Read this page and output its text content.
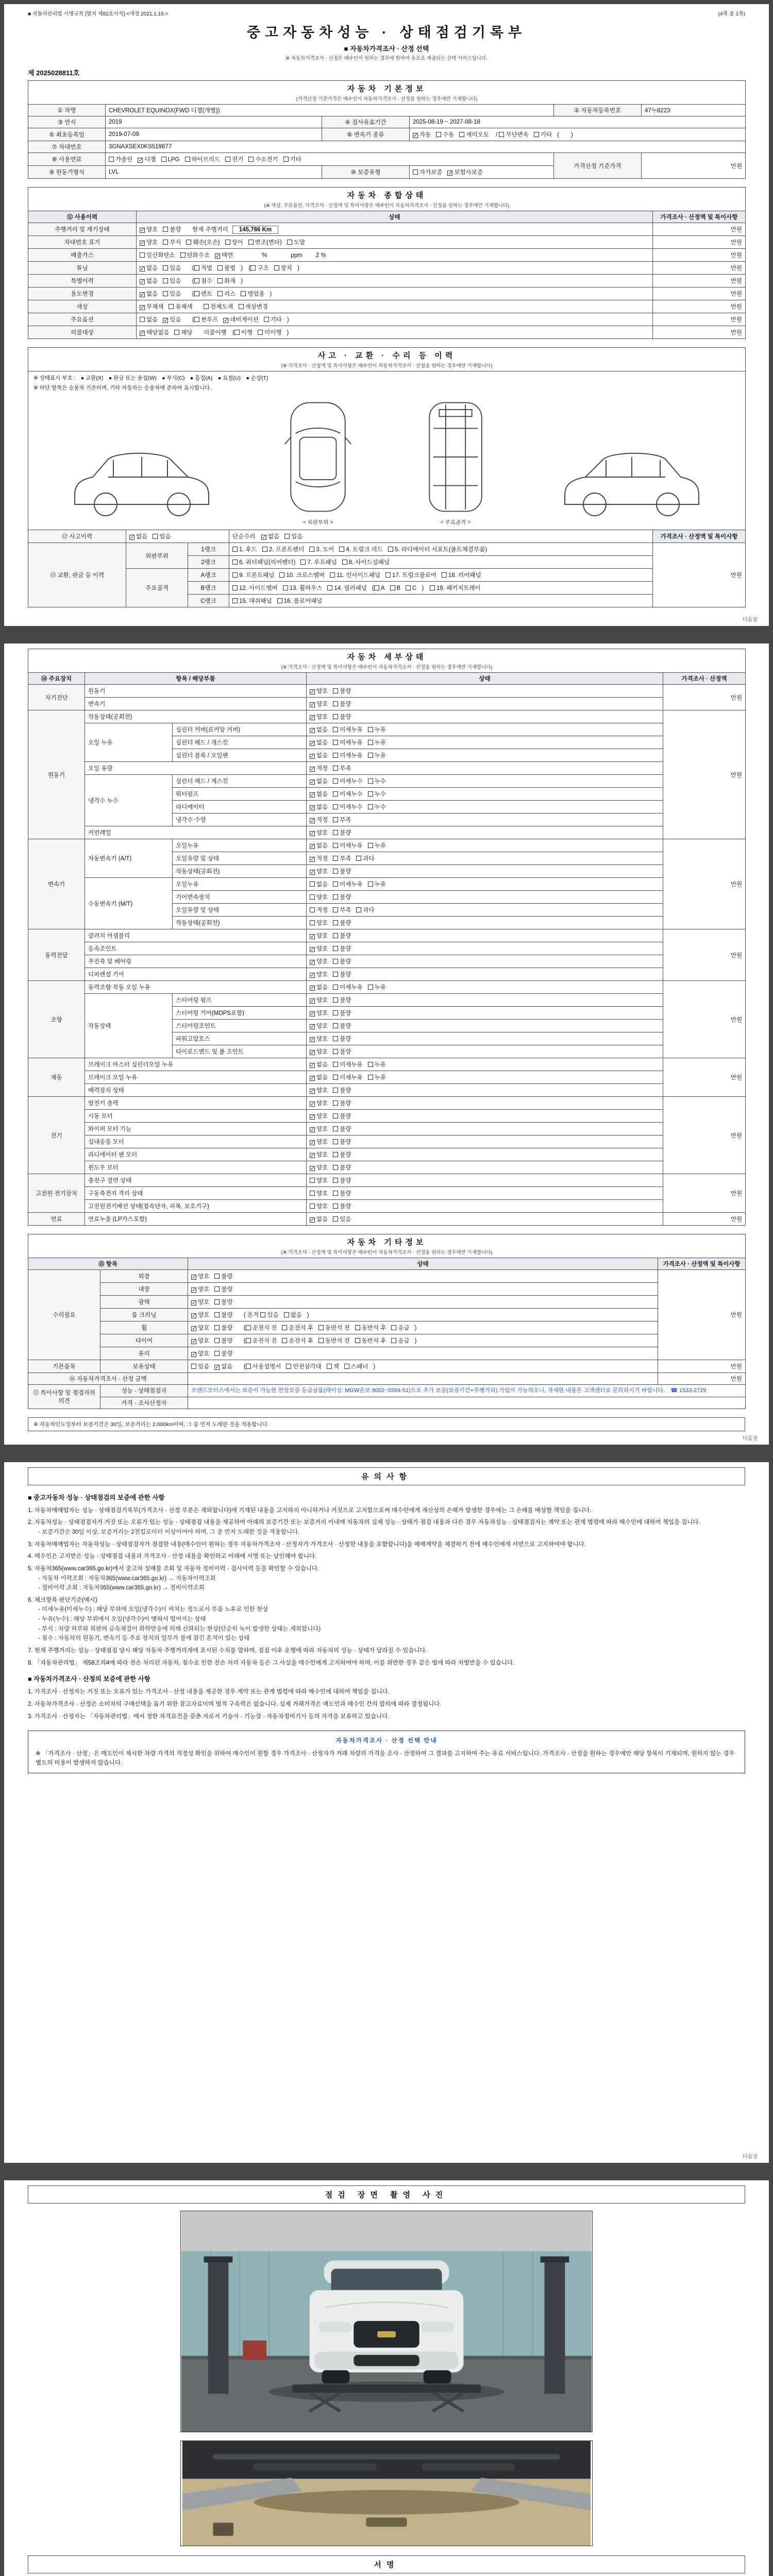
■ 자동차관리법 시행규칙 [별지 제82호서식] <개정 2021.1.19.>	(4쪽 중 1쪽)
중고자동차성능 · 상태점검기록부
■ 자동차가격조사 · 산정 선택
※ 자동차가격조사 · 산정은 매수인이 원하는 경우에 한하여 유료로 제공되는 선택 서비스입니다.
제 2025028811호
자동차 기본정보
(가격산정 기준가격은 매수인이 자동차가격조사 · 산정을 원하는 경우에만 기재합니다)					

① 차명	CHEVROLET EQUINOX(FWD 디젤(개별))			② 자동차등록번호	47누8223
③ 연식	2019	④ 검사유효기간	2025-08-19 ~ 2027-08-18		
⑤ 최초등록일	2019-07-09	⑥ 변속기 종류	✓ 자동 수동 세미오토 / 무단변속 기타 (　　)		
⑦ 차대번호	3GNAXSEX0KS519877				
⑧ 사용연료	가솔린 ✓ 디젤 LPG 하이브리드 전기 수소전기 기타			가격산정 기준가격	만원
⑨ 원동기형식	LVL	⑩ 보증유형	자가보증 ✓ 보험사보증		
자동차 종합상태
(※ 색상, 주요옵션, 가격조사 · 산정액 및 특이사항은 매수인이 자동차가격조사 · 산정을 원하는 경우에만 기재합니다)		

⑪ 사용이력	상태	가격조사 · 산정액 및 특이사항
주행거리 및 계기상태	✓ 양호 불량　현재 주행거리 145,786 Km	만원
차대번호 표기	✓ 양호 부식 훼손(오손) 상이 변조(변타) 도말	만원
배출가스	일산화탄소 탄화수소 ✓ 매연　　　　%　　　　ppm　　 2 %	만원
튜닝	✓ 없음 있음　( 적법 불법 )　( 구조 장치 )	만원
특별이력	✓ 없음 있음　( 침수 화재 )	만원
용도변경	✓ 없음 있음　( 렌트 리스 영업용 )	만원
색상	✓ 무채색 유채색　 전체도색 색상변경	만원
주요옵션	없음 ✓ 있음　( 썬루프 ✓ 네비게이션 기타 )	만원
리콜대상	✓ 해당없음 해당　리콜이행　( 이행 미이행 )	만원
사고 · 교환 · 수리 등 이력
(※ 가격조사 · 산정액 및 특이사항은 매수인이 자동차가격조사 · 산정을 원하는 경우에만 기재합니다)				

※ 상태표시 부호 :　● 교환(X)　● 판금 또는 용접(W)　● 부식(C)　● 흠집(A)　● 요철(U)　● 손상(T)
※ 하단 항목은 승용차 기준이며, 기타 자동차는 승용차에 준하여 표시합니다.
< 외판부위 > < 주요골격 >				

⑫ 사고이력	✓ 없음 있음		단순수리　✓ 없음 있음	가격조사 · 산정액 및 특이사항
⑬ 교환, 판금 등 이력	외판부위	1랭크	1. 후드 2. 프론트펜더 3. 도어 4. 트렁크 리드 5. 라디에이터 서포트(볼트체결부품)	만원
		2랭크	6. 쿼터패널(리어펜더) 7. 루프패널 8. 사이드실패널	
	주요골격	A랭크	9. 프론트패널 10. 크로스멤버 11. 인사이드패널 17. 트렁크플로어 18. 리어패널	
		B랭크	12. 사이드멤버 13. 휠하우스 14. 필러패널 ( A B C )　19. 패키지트레이	
		C랭크	15. 대쉬패널 16. 플로어패널	
다음장
자동차 세부상태
(※ 가격조사 · 산정액 및 특이사항은 매수인이 자동차가격조사 · 산정을 원하는 경우에만 기재합니다)				

⑭ 주요장치	항목 / 해당부품		상태	가격조사 · 산정액
자기진단	원동기		✓ 양호 불량	만원
	변속기		✓ 양호 불량	
원동기	작동상태(공회전)		✓ 양호 불량	만원
	오일 누유	실린더 커버(로커암 커버)	✓ 없음 미세누유 누유	
		실린더 헤드 / 개스킷	✓ 없음 미세누유 누유	
		실린더 블록 / 오일팬	✓ 없음 미세누유 누유	
	오일 유량		✓ 적정 부족	
	냉각수 누수	실린더 헤드 / 개스킷	✓ 없음 미세누수 누수	
		워터펌프	✓ 없음 미세누수 누수	
		라디에이터	✓ 없음 미세누수 누수	
		냉각수 수량	✓ 적정 부족	
	커먼레일		✓ 양호 불량	
변속기	자동변속기 (A/T)	오일누유	✓ 없음 미세누유 누유	만원
		오일유량 및 상태	✓ 적정 부족 과다	
		작동상태(공회전)	✓ 양호 불량	
	수동변속기 (M/T)	오일누유	없음 미세누유 누유	
		기어변속장치	양호 불량	
		오일유량 및 상태	적정 부족 과다	
		작동상태(공회전)	양호 불량	
동력전달	클러치 어셈블리		✓ 양호 불량	만원
	등속조인트		✓ 양호 불량	
	추진축 및 베어링		✓ 양호 불량	
	디퍼렌셜 기어		✓ 양호 불량	
조향	동력조향 작동 오일 누유		✓ 없음 미세누유 누유	만원
	작동상태	스티어링 펌프	✓ 양호 불량	
		스티어링 기어(MDPS포함)	✓ 양호 불량	
		스티어링조인트	✓ 양호 불량	
		파워고압호스	✓ 양호 불량	
		타이로드엔드 및 볼 조인트	✓ 양호 불량	
제동	브레이크 마스터 실린더오일 누유		✓ 없음 미세누유 누유	만원
	브레이크 오일 누유		✓ 없음 미세누유 누유	
	배력장치 상태		✓ 양호 불량	
전기	발전기 출력		✓ 양호 불량	만원
	시동 모터		✓ 양호 불량	
	와이퍼 모터 기능		✓ 양호 불량	
	실내송풍 모터		✓ 양호 불량	
	라디에이터 팬 모터		✓ 양호 불량	
	윈도우 모터		✓ 양호 불량	
고전원 전기장치	충전구 절연 상태		양호 불량	만원
	구동축전지 격리 상태		양호 불량	
	고전원전기배선 상태(접속단자, 피복, 보호기구)		양호 불량	
연료	연료누출 (LP가스포함)		✓ 없음 있음	만원
자동차 기타정보
(※ 가격조사 · 산정액 및 특이사항은 매수인이 자동차가격조사 · 산정을 원하는 경우에만 기재합니다)			

⑮ 항목		상태	가격조사 · 산정액 및 특이사항
수리필요	외장	✓ 양호 불량	만원
	내장	✓ 양호 불량	
	광택	✓ 양호 불량	
	룸 크리닝	✓ 양호 불량　( 흔적 있음 없음 )	
	휠	✓ 양호 불량　( 운전석 전 운전석 후 동반석 전 동반석 후 응급 )	
	타이어	✓ 양호 불량　( 운전석 전 운전석 후 동반석 전 동반석 후 응급 )	
	유리	✓ 양호 불량	
기본품목	보유상태	있음 ✓ 없음　( 사용설명서 안전삼각대 잭 스패너 )	만원
⑯ 자동차가격조사 · 산정 금액			만원
⑰ 특이사항 및 점검자의 의견	성능 · 상태점검자	프렌드모터스에서는 보증이 가능한 연장보증 등급상품(레이싱: MGW손보 9002~5594-51)으로 추가 보증(보증기간+주행거리) 가입이 가능하오니, 자세한 내용은 고객센터로 문의하시기 바랍니다.　☎ 1533-2729	
	가격 · 조사산정자		
※ 자동차인도일부터 보증기간은 30일, 보증거리는 2,000km이며, 그 중 먼저 도래한 것을 적용합니다.
다음장
유의사항
■ 중고자동차 성능 · 상태점검의 보증에 관한 사항
1. 자동차매매업자는 성능 · 상태점검기록부(가격조사 · 산정 부분은 제외합니다)에 기재된 내용을 고지하지 아니하거나 거짓으로 고지함으로써 매수인에게 재산상의 손해가 발생한 경우에는 그 손해를 배상할 책임을 집니다.
2. 자동차성능 · 상태점검자가 거짓 또는 오류가 있는 성능 · 상태점검 내용을 제공하여 아래의 보증기간 또는 보증거리 이내에 자동차의 실제 성능 · 상태가 점검 내용과 다른 경우 자동차성능 · 상태점검자는 계약 또는 관계 법령에 따라 매수인에 대하여 책임을 집니다.
- 보증기간은 30일 이상, 보증거리는 2천킬로미터 이상이어야 하며, 그 중 먼저 도래한 것을 적용합니다.
3. 자동차매매업자는 자동차성능 · 상태점검자가 점검한 내용(매수인이 원하는 경우 자동차가격조사 · 산정자가 가격조사 · 산정한 내용을 포함합니다)을 매매계약을 체결하기 전에 매수인에게 서면으로 고지하여야 합니다.
4. 매수인은 고지받은 성능 · 상태점검 내용과 가격조사 · 산정 내용을 확인하고 아래에 서명 또는 날인해야 합니다.
5. 자동차365(www.car365.go.kr)에서 중고차 실매물 조회 및 자동차 정비이력 · 검사이력 등을 확인할 수 있습니다.
- 자동차 이력조회 : 자동차365(www.car365.go.kr) → 자동차이력조회
- 정비이력 조회 : 자동차365(www.car365.go.kr) → 정비이력조회
6. 체크항목 판단기준(예시)
- 미세누유(미세누수) : 해당 부위에 오일(냉각수)이 비치는 정도로서 부품 노후로 인한 현상
- 누유(누수) : 해당 부위에서 오일(냉각수)이 맺혀서 떨어지는 상태
- 부식 : 차량 하부와 외판의 금속재질이 화학반응에 의해 산화되는 현상(단순히 녹이 발생한 상태는 제외합니다)
- 침수 : 자동차의 원동기, 변속기 등 주요 장치의 일부가 물에 잠긴 흔적이 있는 상태
7. 현재 주행거리는 성능 · 상태점검 당시 해당 자동차 주행거리계에 표시된 수치를 말하며, 점검 이후 운행에 따라 자동차의 성능 · 상태가 달라질 수 있습니다.
8. 「자동차관리법」 제58조의4에 따라 전손 처리된 자동차, 침수로 인한 전손 처리 자동차 등은 그 사실을 매수인에게 고지하여야 하며, 이를 위반한 경우 같은 법에 따라 처벌받을 수 있습니다.
■ 자동차가격조사 · 산정의 보증에 관한 사항
1. 가격조사 · 산정자는 거짓 또는 오류가 있는 가격조사 · 산정 내용을 제공한 경우 계약 또는 관계 법령에 따라 매수인에 대하여 책임을 집니다.
2. 자동차가격조사 · 산정은 소비자의 구매선택을 돕기 위한 참고자료이며 법적 구속력은 없습니다. 실제 거래가격은 매도인과 매수인 간의 합의에 따라 결정됩니다.
3. 가격조사 · 산정자는 「자동차관리법」에서 정한 자격요건을 갖춘 자로서 기술사 · 기능장 · 자동차정비기사 등의 자격을 보유하고 있습니다.
자동차가격조사 · 산정 선택 안내
※ 「가격조사 · 산정」은 매도인이 제시한 차량 가격의 적정성 확인을 위하여 매수인이 원할 경우 가격조사 · 산정자가 거래 차량의 가격을 조사 · 산정하여 그 결과를 고지하여 주는 유료 서비스입니다. 가격조사 · 산정을 원하는 경우에만 해당 항목이 기재되며, 원하지 않는 경우 별도의 비용이 발생하지 않습니다.
다음장
점검 장면 촬영 사진
서명
